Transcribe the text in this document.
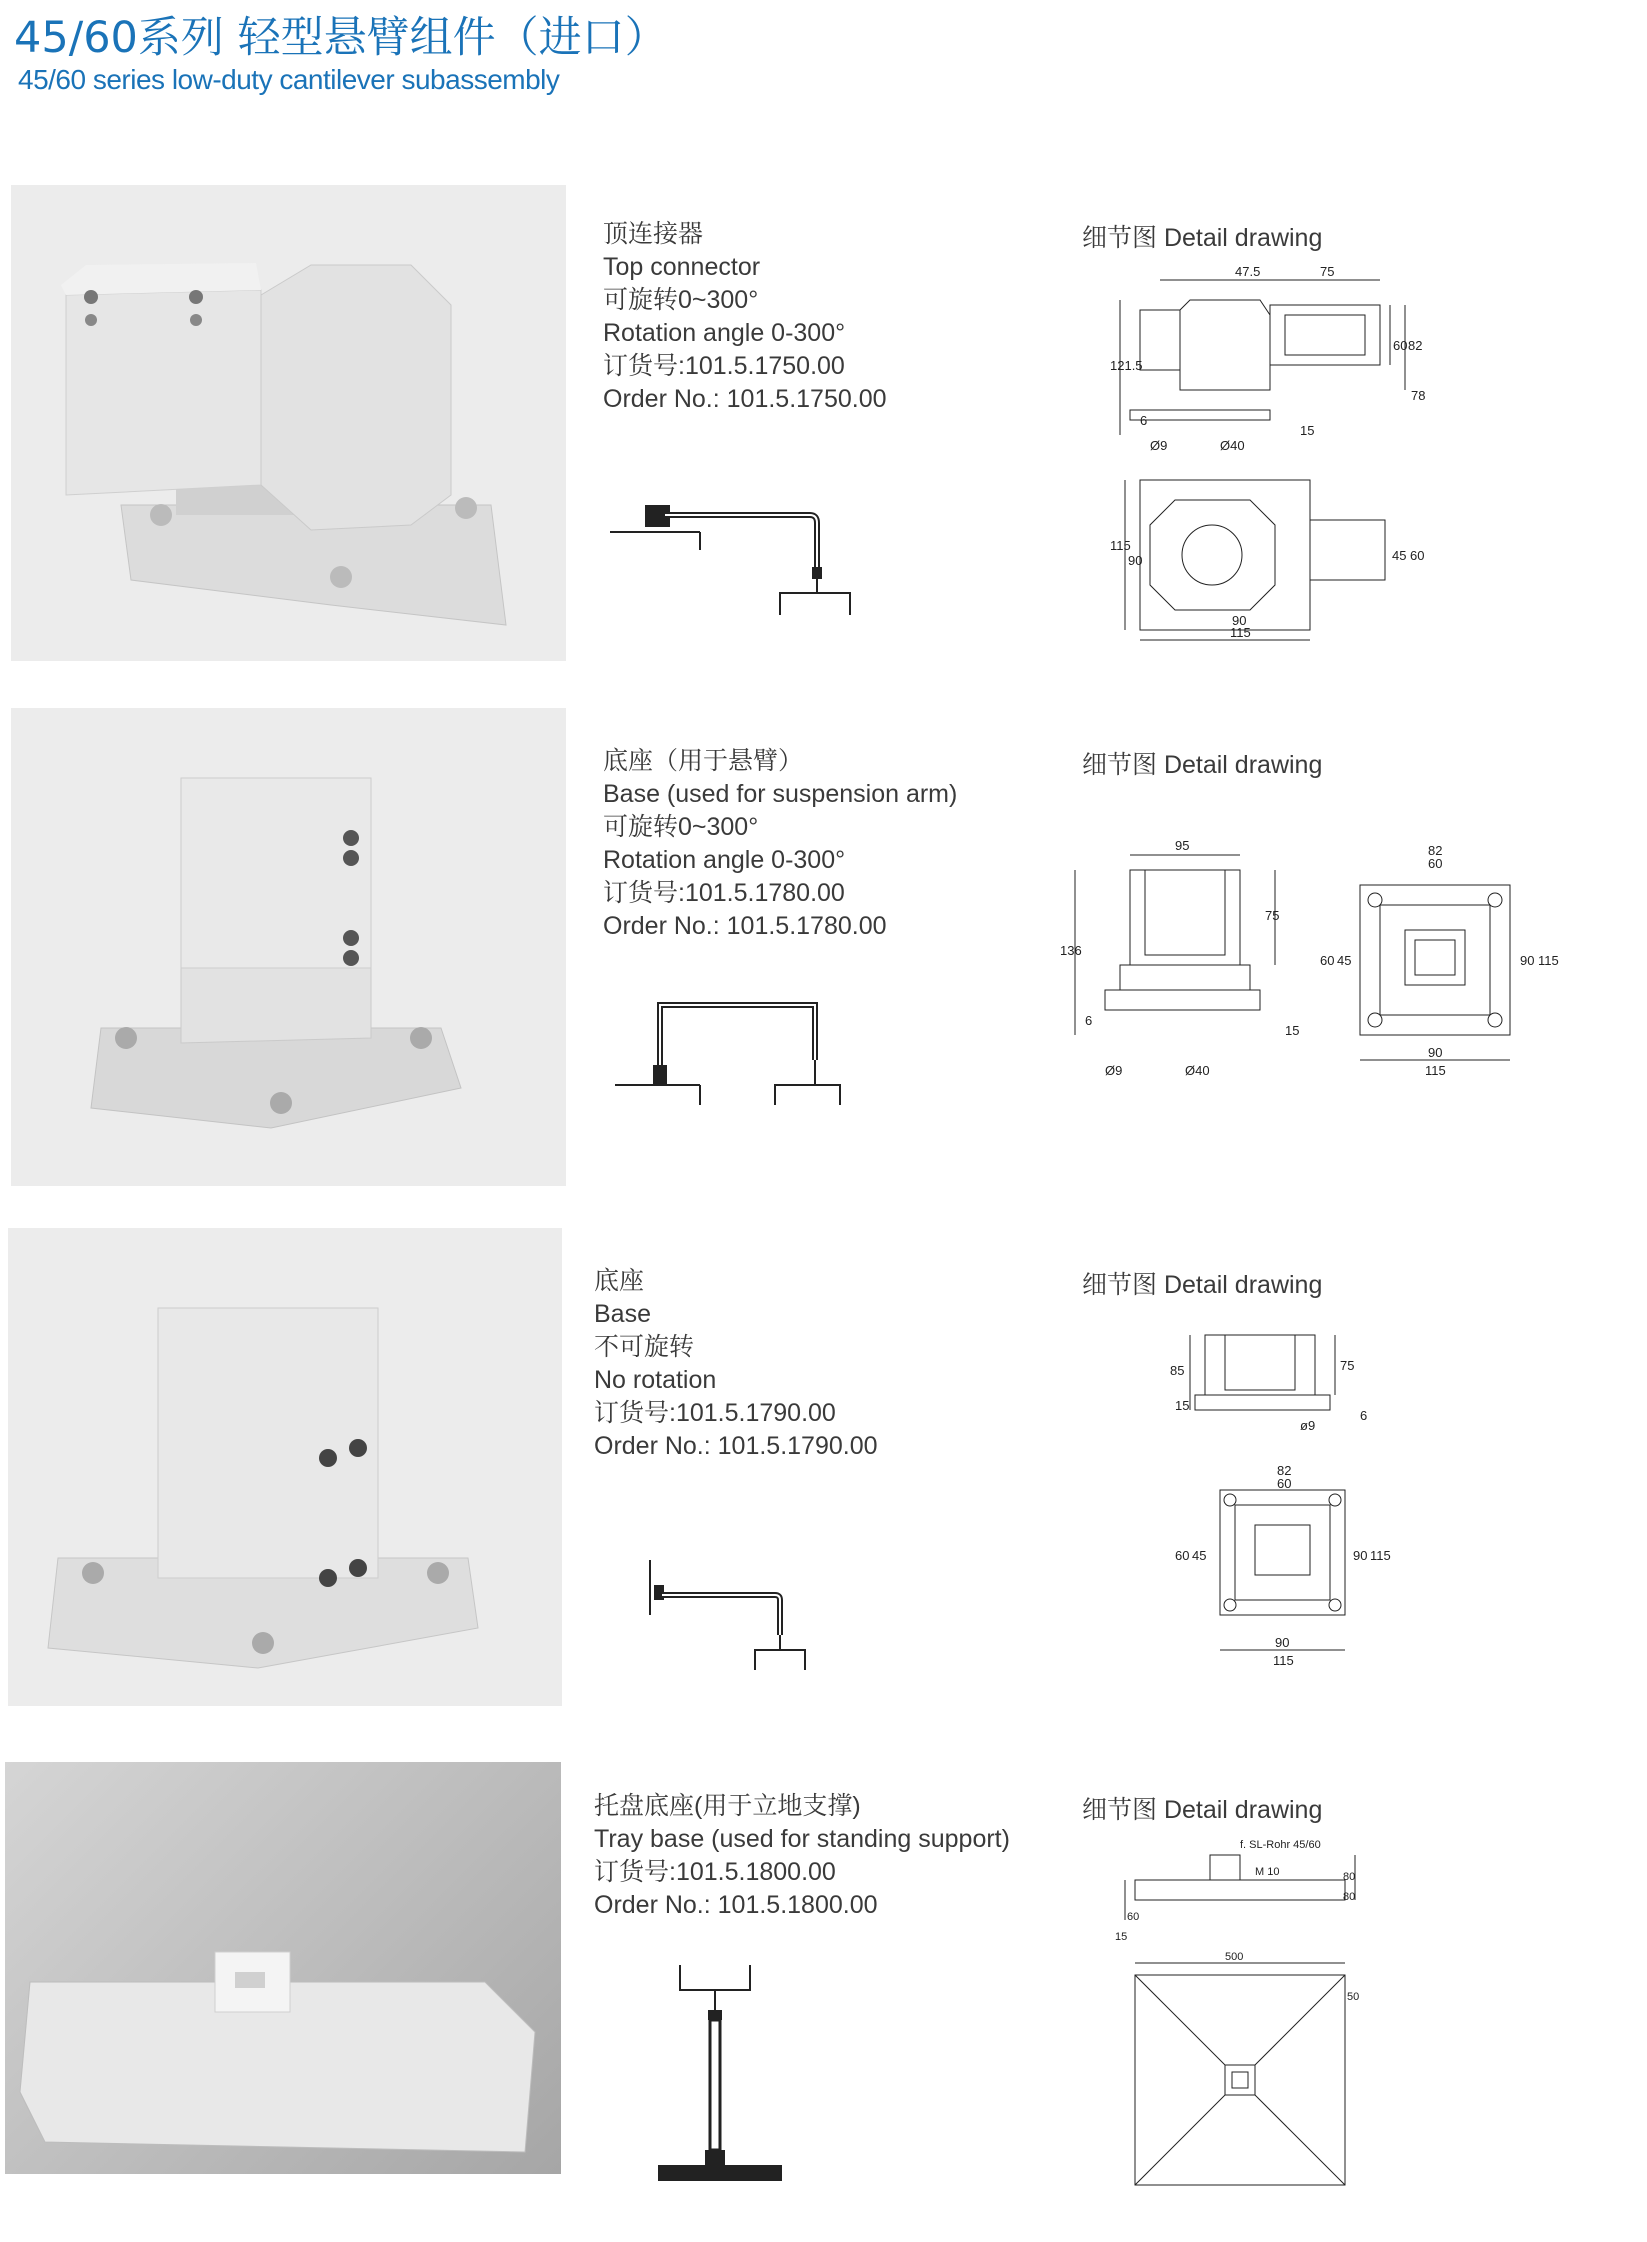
45/60系列 轻型悬臂组件（进口）
45/60 series low-duty cantilever subassembly
顶连接器
Top connector
可旋转0~300°
Rotation angle 0-300°
订货号:101.5.1750.00
Order No.: 101.5.1750.00
细节图 Detail drawing
47.5	75
121.5
60 82
78
6
Ø9	Ø40
15
115
90	45 60
90
115
底座（用于悬臂）
Base (used for suspension arm)
可旋转0~300°
Rotation angle 0-300°
订货号:101.5.1780.00
Order No.: 101.5.1780.00
细节图 Detail drawing
95
75
136
6
15
Ø9	Ø40
82
60
60 45	90 115
90
115
底座
Base
不可旋转
No rotation
订货号:101.5.1790.00
Order No.: 101.5.1790.00
细节图 Detail drawing
85	75
15
ø9
6
82
60
60 45	90 115
90
115
托盘底座(用于立地支撑)
Tray base (used for standing support)
订货号:101.5.1800.00
Order No.: 101.5.1800.00
细节图 Detail drawing
f. SL-Rohr 45/60
M 10	80
80
15
60
500
50
